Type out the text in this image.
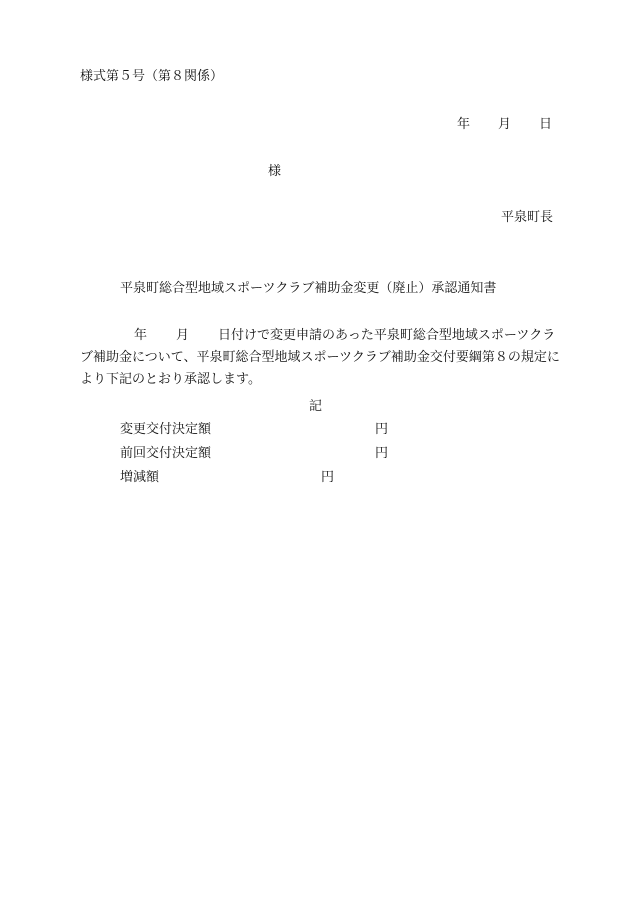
様式第５号（第８関係）
年 月 日
様
平泉町長
平泉町総合型地域スポーツクラブ補助金変更（廃止）承認通知書
年 月 日付けで変更申請のあった平泉町総合型地域スポーツクラブ補助金について、平泉町総合型地域スポーツクラブ補助金交付要綱第８の規定により下記のとおり承認します。
記
変更交付決定額	円
前回交付決定額	円
増減額	円
